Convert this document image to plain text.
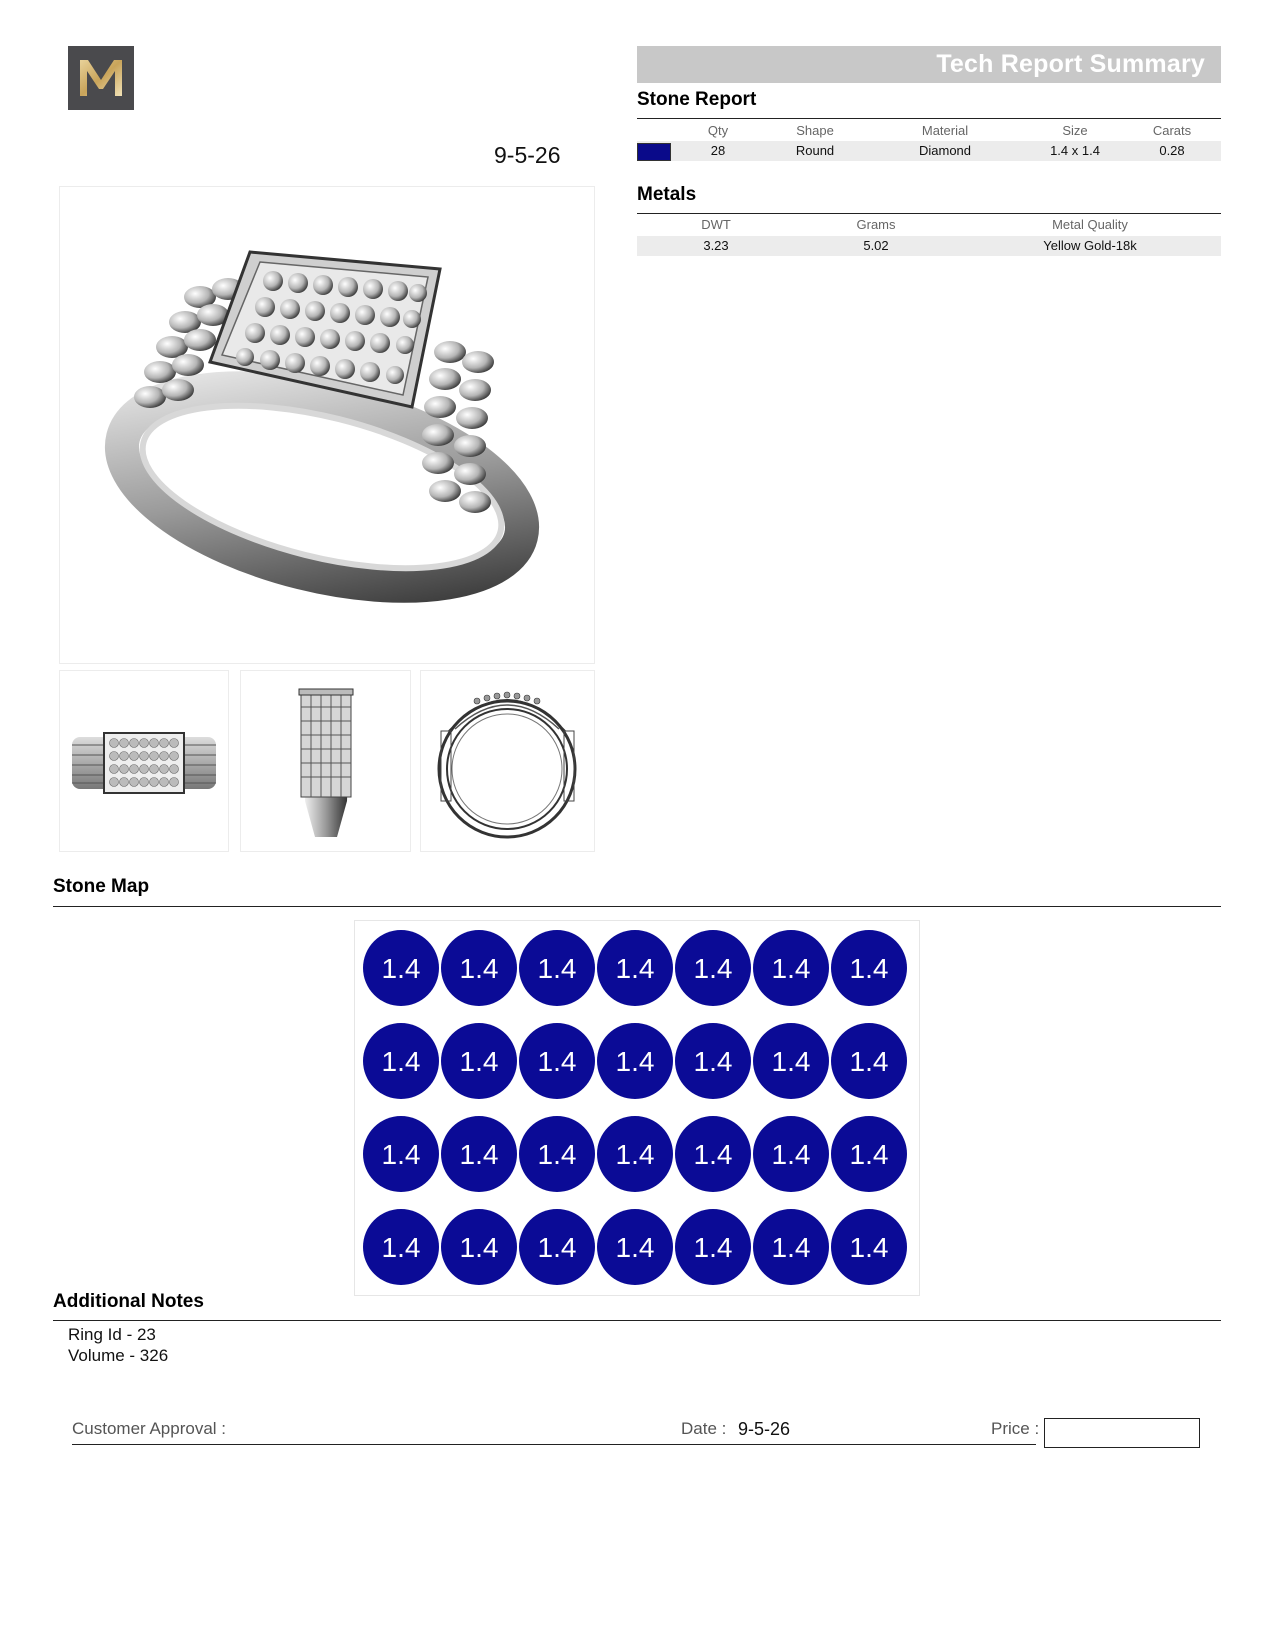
Tech Report Summary
9-5-26
Stone Report
Qty	Shape	Material	Size	Carats
28	Round	Diamond	1.4 x 1.4	0.28
Metals
DWT	Grams	Metal Quality
3.23	5.02	Yellow Gold-18k
Stone Map
1.4 1.4 1.4 1.4 1.4 1.4 1.4
1.4 1.4 1.4 1.4 1.4 1.4 1.4
1.4 1.4 1.4 1.4 1.4 1.4 1.4
1.4 1.4 1.4 1.4 1.4 1.4 1.4
Additional Notes
Ring Id - 23
Volume - 326
Customer Approval :	Date : 9-5-26	Price :
